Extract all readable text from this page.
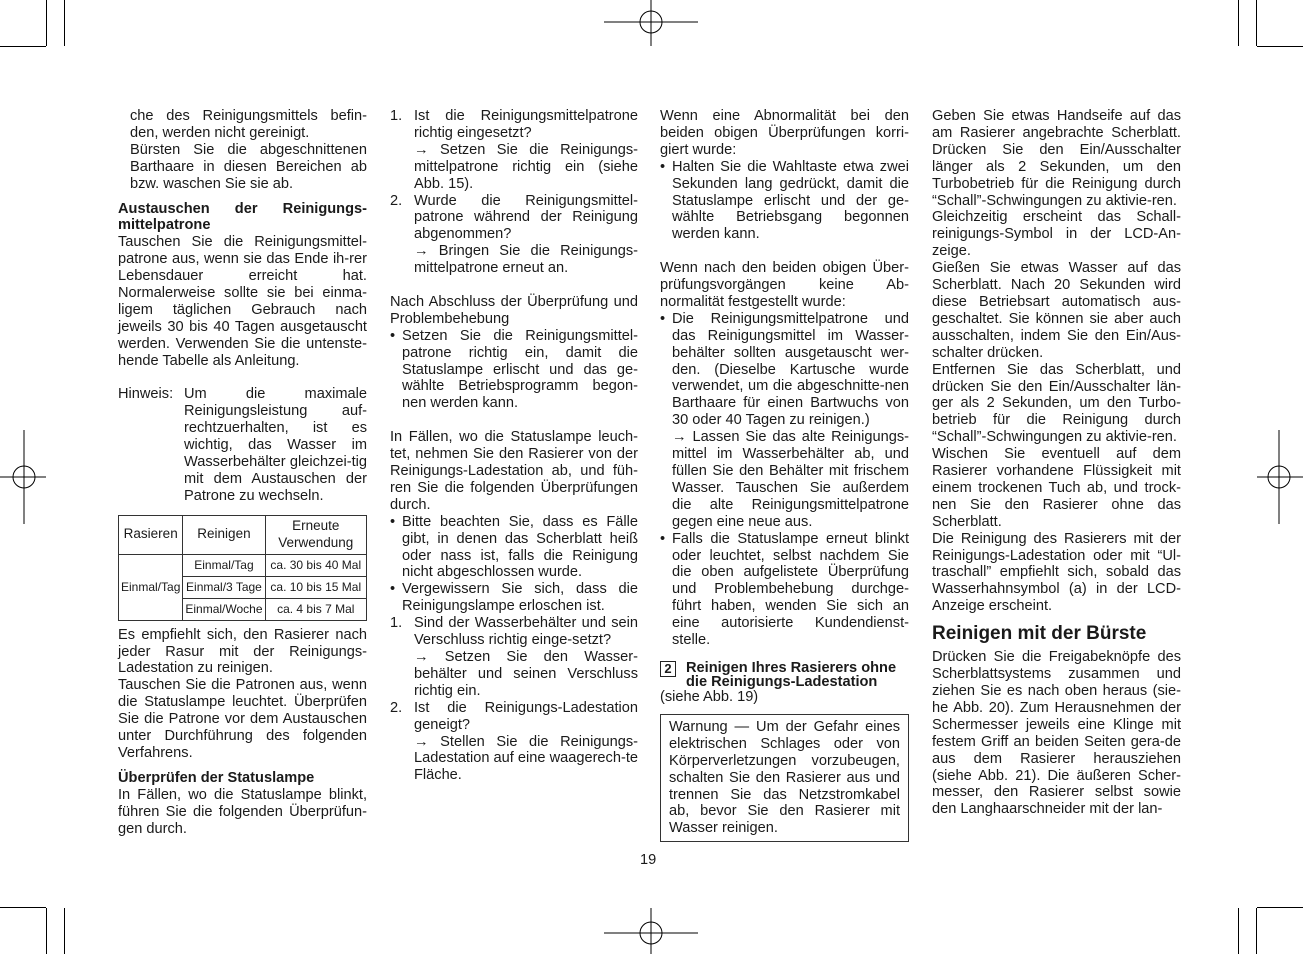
che des Reinigungsmittels befin-den, werden nicht gereinigt.

Bürsten Sie die abgeschnittenen Barthaare in diesen Bereichen ab bzw. waschen Sie sie ab.

Austauschen der Reinigungs-mittelpatrone

Tauschen Sie die Reinigungsmittel-patrone aus, wenn sie das Ende ih-rer Lebensdauer erreicht hat. Normalerweise sollte sie bei einma-ligem täglichen Gebrauch nach jeweils 30 bis 40 Tagen ausgetauscht werden. Verwenden Sie die untenste-hende Tabelle als Anleitung.

Hinweis: Um die maximale Reinigungsleistung auf-rechtzuerhalten, ist es wichtig, das Wasser im Wasserbehälter gleichzei-tig mit dem Austauschen der Patrone zu wechseln.
Rasieren	Reinigen	Erneute Verwendung
Einmal/Tag	Einmal/Tag	ca. 30 bis 40 Mal
	Einmal/3 Tage	ca. 10 bis 15 Mal
	Einmal/Woche	ca. 4 bis 7 Mal

Es empfiehlt sich, den Rasierer nach jeder Rasur mit der Reinigungs-Ladestation zu reinigen.

Tauschen Sie die Patronen aus, wenn die Statuslampe leuchtet. Überprüfen Sie die Patrone vor dem Austauschen unter Durchführung des folgenden Verfahrens.

Überprüfen der Statuslampe

In Fällen, wo die Statuslampe blinkt, führen Sie die folgenden Überprüfun-gen durch.

1. Ist die Reinigungsmittelpatrone richtig eingesetzt?

→ Setzen Sie die Reinigungs-mittelpatrone richtig ein (siehe Abb. 15).

2. Wurde die Reinigungsmittel-patrone während der Reinigung abgenommen?

→ Bringen Sie die Reinigungs-mittelpatrone erneut an.

Nach Abschluss der Überprüfung und Problembehebung

• Setzen Sie die Reinigungsmittel-patrone richtig ein, damit die Statuslampe erlischt und das ge-wählte Betriebsprogramm begon-nen werden kann.

In Fällen, wo die Statuslampe leuch-tet, nehmen Sie den Rasierer von der Reinigungs-Ladestation ab, und füh-ren Sie die folgenden Überprüfungen durch.

• Bitte beachten Sie, dass es Fälle gibt, in denen das Scherblatt heiß oder nass ist, falls die Reinigung nicht abgeschlossen wurde.
• Vergewissern Sie sich, dass die Reinigungslampe erloschen ist.
1. Sind der Wasserbehälter und sein Verschluss richtig einge-setzt?

→ Setzen Sie den Wasser-behälter und seinen Verschluss richtig ein.

2. Ist die Reinigungs-Ladestation geneigt?

→ Stellen Sie die Reinigungs-Ladestation auf eine waagerech-te Fläche.

Wenn eine Abnormalität bei den beiden obigen Überprüfungen korri-giert wurde:

• Halten Sie die Wahltaste etwa zwei Sekunden lang gedrückt, damit die Statuslampe erlischt und der ge-wählte Betriebsgang begonnen werden kann.

Wenn nach den beiden obigen Über-prüfungsvorgängen keine Ab-normalität festgestellt wurde:

• Die Reinigungsmittelpatrone und das Reinigungsmittel im Wasser-behälter sollten ausgetauscht wer-den. (Dieselbe Kartusche wurde verwendet, um die abgeschnitte-nen Barthaare für einen Bartwuchs von 30 oder 40 Tagen zu reinigen.)
→ Lassen Sie das alte Reinigungs-mittel im Wasserbehälter ab, und füllen Sie den Behälter mit frischem Wasser. Tauschen Sie außerdem die alte Reinigungsmittelpatrone gegen eine neue aus.
• Falls die Statuslampe erneut blinkt oder leuchtet, selbst nachdem Sie die oben aufgelistete Überprüfung und Problembehebung durchge-führt haben, wenden Sie sich an eine autorisierte Kundendienst-stelle.
2 Reinigen Ihres Rasierers ohne die Reinigungs-Ladestation

(siehe Abb. 19)

Warnung — Um der Gefahr eines elektrischen Schlages oder von Körperverletzungen vorzubeugen, schalten Sie den Rasierer aus und trennen Sie das Netzstromkabel ab, bevor Sie den Rasierer mit Wasser reinigen.

Geben Sie etwas Handseife auf das am Rasierer angebrachte Scherblatt. Drücken Sie den Ein/Ausschalter länger als 2 Sekunden, um den Turbobetrieb für die Reinigung durch “Schall”-Schwingungen zu aktivie-ren.

Gleichzeitig erscheint das Schall-reinigungs-Symbol in der LCD-An-zeige.

Gießen Sie etwas Wasser auf das Scherblatt. Nach 20 Sekunden wird diese Betriebsart automatisch aus-geschaltet. Sie können sie aber auch ausschalten, indem Sie den Ein/Aus-schalter drücken.

Entfernen Sie das Scherblatt, und drücken Sie den Ein/Ausschalter län-ger als 2 Sekunden, um den Turbo-betrieb für die Reinigung durch “Schall”-Schwingungen zu aktivie-ren.

Wischen Sie eventuell auf dem Rasierer vorhandene Flüssigkeit mit einem trockenen Tuch ab, und trock-nen Sie den Rasierer ohne das Scherblatt.

Die Reinigung des Rasierers mit der Reinigungs-Ladestation oder mit “Ul-traschall” empfiehlt sich, sobald das Wasserhahnsymbol (a) in der LCD-Anzeige erscheint.

Reinigen mit der Bürste

Drücken Sie die Freigabeknöpfe des Scherblattsystems zusammen und ziehen Sie es nach oben heraus (sie-he Abb. 20). Zum Herausnehmen der Schermesser jeweils eine Klinge mit festem Griff an beiden Seiten gera-de aus dem Rasierer herausziehen (siehe Abb. 21). Die äußeren Scher-messer, den Rasierer selbst sowie den Langhaarschneider mit der lan-

19
